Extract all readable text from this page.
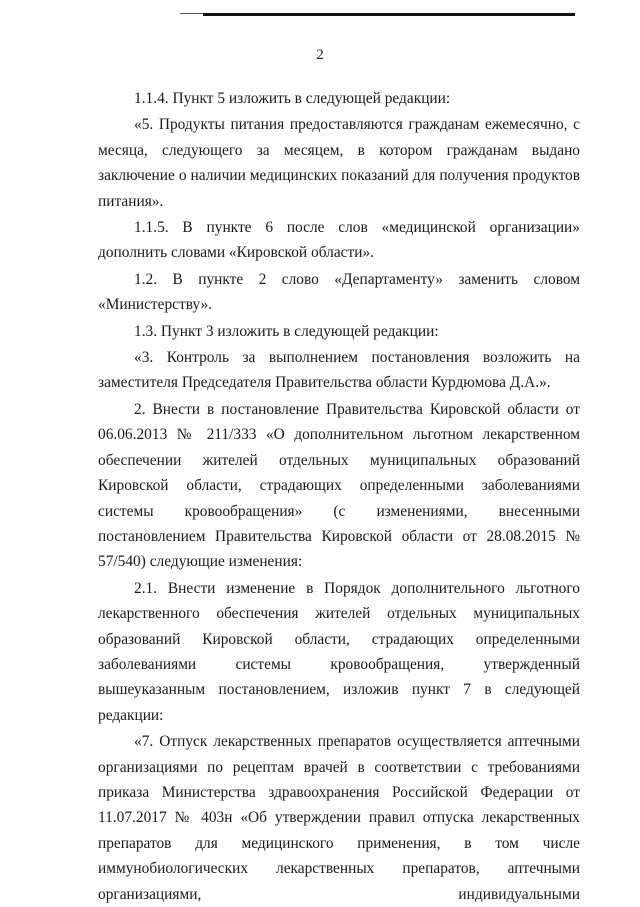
2

1.1.4. Пункт 5 изложить в следующей редакции:

«5. Продукты питания предоставляются гражданам ежемесячно, с месяца, следующего за месяцем, в котором гражданам выдано заключение о наличии медицинских показаний для получения продуктов питания».

1.1.5. В пункте 6 после слов «медицинской организации» дополнить словами «Кировской области».

1.2. В пункте 2 слово «Департаменту» заменить словом «Министерству».

1.3. Пункт 3 изложить в следующей редакции:

«3. Контроль за выполнением постановления возложить на заместителя Председателя Правительства области Курдюмова Д.А.».

2. Внести в постановление Правительства Кировской области от 06.06.2013 № 211/333 «О дополнительном льготном лекарственном обеспечении жителей отдельных муниципальных образований Кировской области, страдающих определенными заболеваниями системы кровообращения» (с изменениями, внесенными постановлением Правительства Кировской области от 28.08.2015 № 57/540) следующие изменения:

2.1. Внести изменение в Порядок дополнительного льготного лекарственного обеспечения жителей отдельных муниципальных образований Кировской области, страдающих определенными заболеваниями системы кровообращения, утвержденный вышеуказанным постановлением, изложив пункт 7 в следующей редакции:

«7. Отпуск лекарственных препаратов осуществляется аптечными организациями по рецептам врачей в соответствии с требованиями приказа Министерства здравоохранения Российской Федерации от 11.07.2017 № 403н «Об утверждении правил отпуска лекарственных препаратов для медицинского применения, в том числе иммунобиологических лекарственных препаратов, аптечными организациями, индивидуальными
